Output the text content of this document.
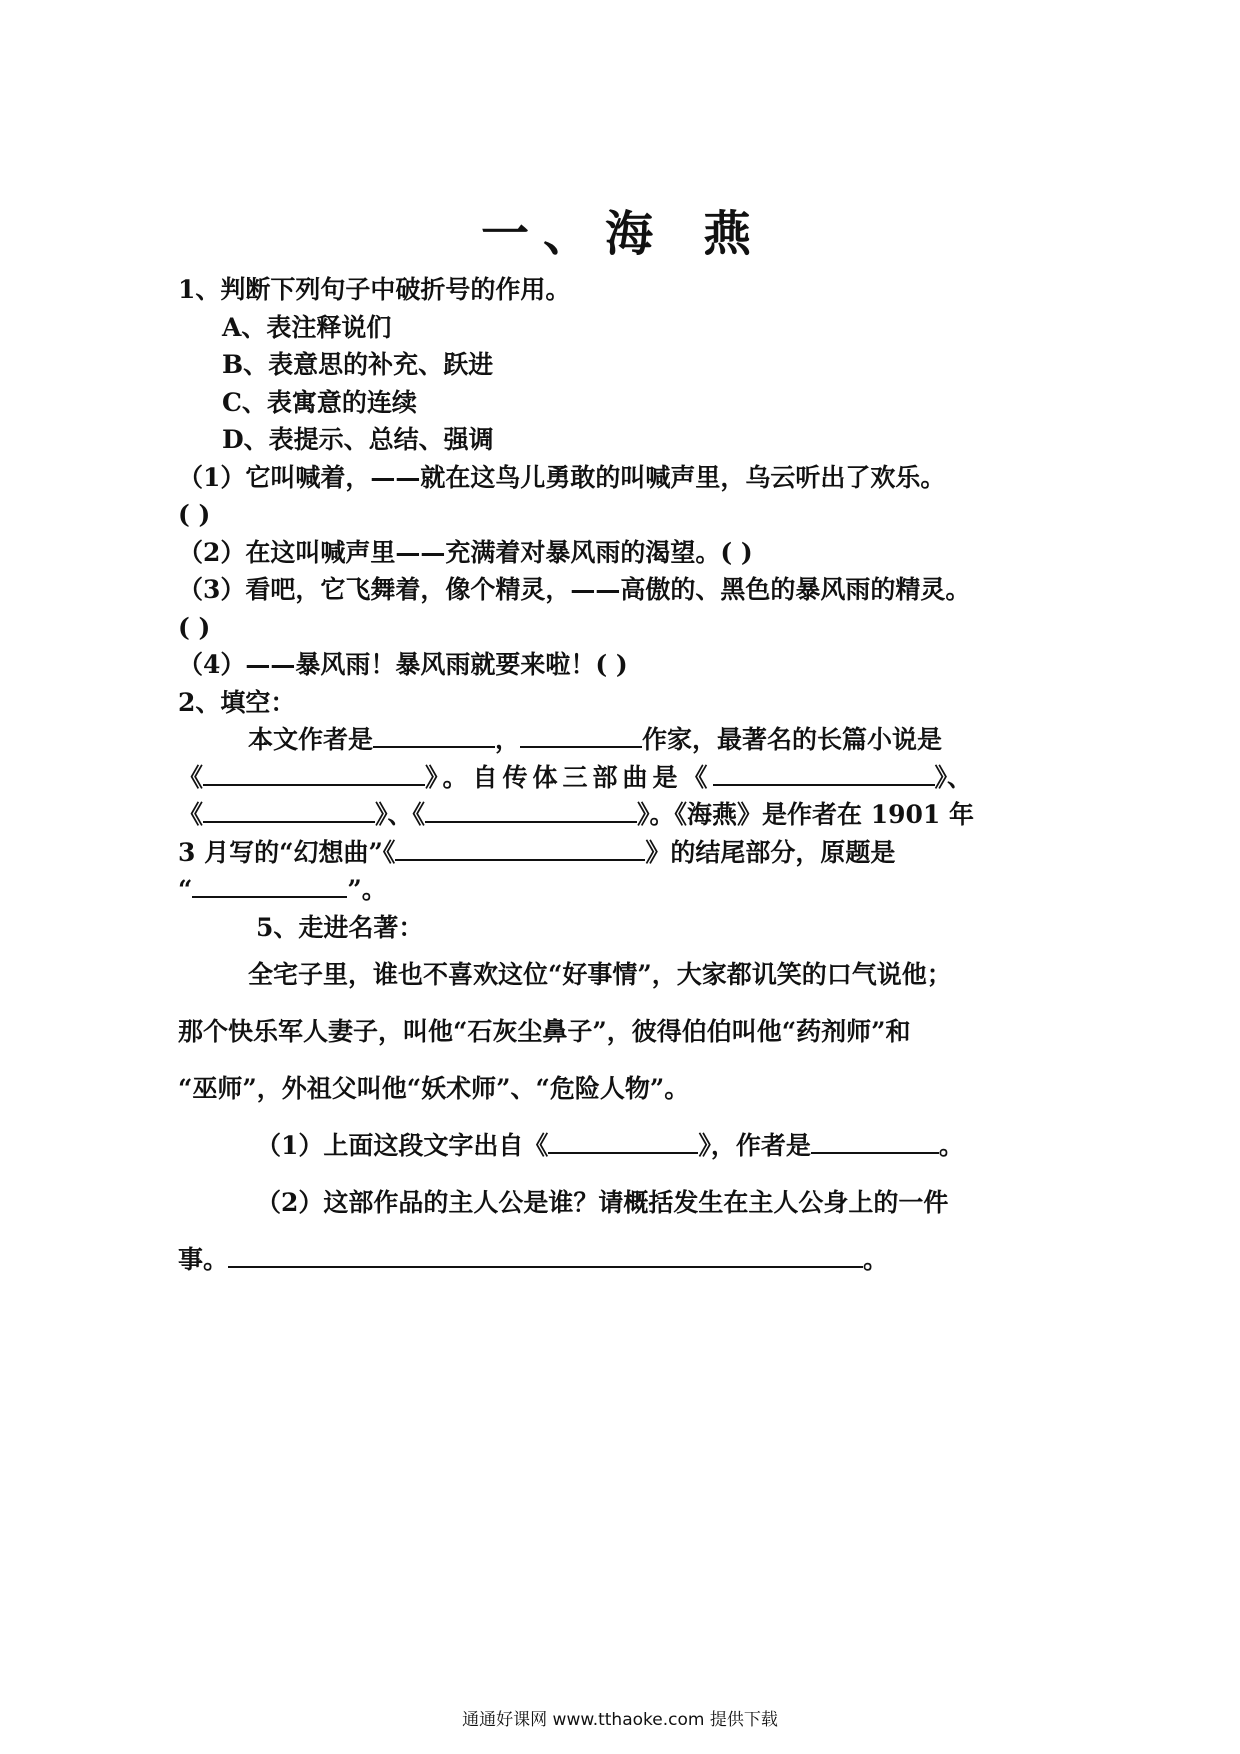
一、海 燕
1、判断下列句子中破折号的作用。
A、表注释说们
B、表意思的补充、跃进
C、表寓意的连续
D、表提示、总结、强调
（1）它叫喊着，——就在这鸟儿勇敢的叫喊声里，乌云听出了欢乐。
( )
（2）在这叫喊声里——充满着对暴风雨的渴望。( )
（3）看吧，它飞舞着，像个精灵，——高傲的、黑色的暴风雨的精灵。
( )
（4）——暴风雨！暴风雨就要来啦！( )
2、填空：
本文作者是	，	作家，最著名的长篇小说是
《	》。自传体三部曲是《	》、
《	》、《	》。《海燕》是作者在 1901 年
3 月写的“幻想曲”《	》的结尾部分，原题是
“	”。
5、走进名著：
全宅子里，谁也不喜欢这位“好事情”，大家都讥笑的口气说他；
那个快乐军人妻子，叫他“石灰尘鼻子”，彼得伯伯叫他“药剂师”和
“巫师”，外祖父叫他“妖术师”、“危险人物”。
（1）上面这段文字出自《	》，作者是	。
（2）这部作品的主人公是谁？请概括发生在主人公身上的一件
事。	。
通通好课网 www.tthaoke.com 提供下载
